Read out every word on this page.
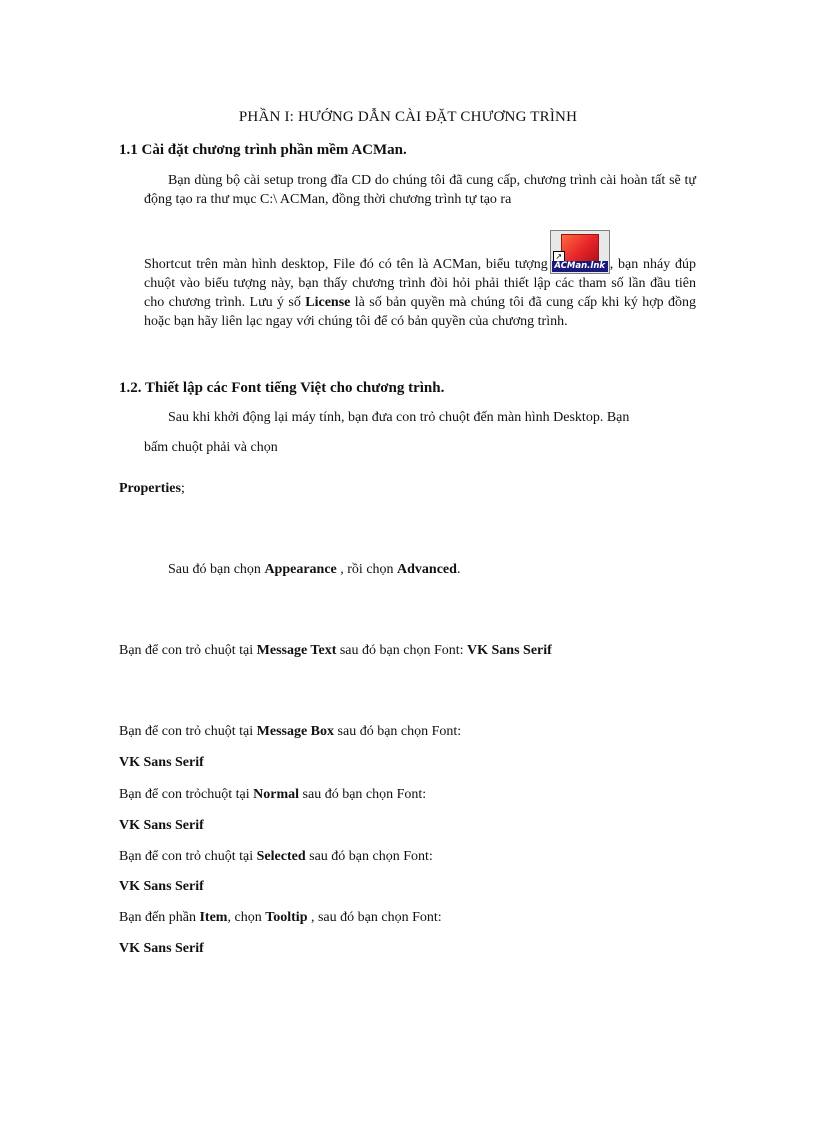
PHẦN I: HƯỚNG DẪN CÀI ĐẶT CHƯƠNG TRÌNH
1.1 Cài đặt chương trình phần mềm ACMan.
Bạn dùng bộ cài setup trong đĩa CD do chúng tôi đã cung cấp, chương trình cài hoàn tất sẽ tự động tạo ra thư mục C:\ ACMan, đồng thời chương trình tự tạo ra
Shortcut trên màn hình desktop, File đó có tên là ACMan, biểu tượng
↗
ACMan.lnk , bạn nháy đúp chuột vào biểu tượng này, bạn thấy chương trình đòi hỏi phải thiết lập các tham số lần đầu tiên cho chương trình. Lưu ý số License là số bản quyền mà chúng tôi đã cung cấp khi ký hợp đồng hoặc bạn hãy liên lạc ngay với chúng tôi để có bản quyền của chương trình.
1.2. Thiết lập các Font tiếng Việt cho chương trình.
Sau khi khởi động lại máy tính, bạn đưa con trỏ chuột đến màn hình Desktop. Bạn
bấm chuột phải và chọn
Properties;
Sau đó bạn chọn Appearance , rồi chọn Advanced.
Bạn để con trỏ chuột tại Message Text sau đó bạn chọn Font: VK Sans Serif
Bạn để con trỏ chuột tại Message Box sau đó bạn chọn Font:
VK Sans Serif
Bạn để con trỏchuột tại Normal sau đó bạn chọn Font:
VK Sans Serif
Bạn để con trỏ chuột tại Selected sau đó bạn chọn Font:
VK Sans Serif
Bạn đến phần Item, chọn Tooltip , sau đó bạn chọn Font:
VK Sans Serif
